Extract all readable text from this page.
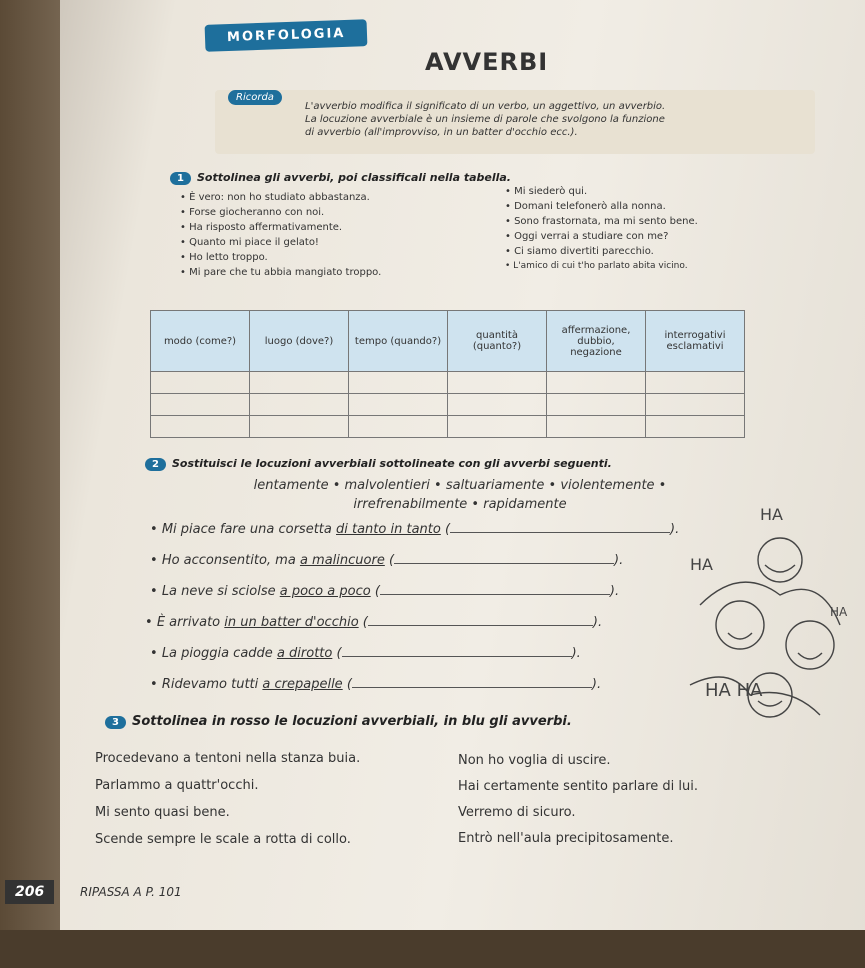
MORFOLOGIA
AVVERBI
Ricorda
L'avverbio modifica il significato di un verbo, un aggettivo, un avverbio.
La locuzione avverbiale è un insieme di parole che svolgono la funzione
di avverbio (all'improvviso, in un batter d'occhio ecc.).
1 Sottolinea gli avverbi, poi classificali nella tabella.
• È vero: non ho studiato abbastanza.
• Forse giocheranno con noi.
• Ha risposto affermativamente.
• Quanto mi piace il gelato!
• Ho letto troppo.
• Mi pare che tu abbia mangiato troppo.
• Mi siederò qui.
• Domani telefonerò alla nonna.
• Sono frastornata, ma mi sento bene.
• Oggi verrai a studiare con me?
• Ci siamo divertiti parecchio.
• L'amico di cui t'ho parlato abita vicino.
modo (come?)	luogo (dove?)	tempo (quando?)	quantità (quanto?)	affermazione, dubbio, negazione	interrogativi esclamativi

2 Sostituisci le locuzioni avverbiali sottolineate con gli avverbi seguenti.
lentamente • malvolentieri • saltuariamente • violentemente •
irrefrenabilmente • rapidamente
• Mi piace fare una corsetta di tanto in tanto (	).
• Ho acconsentito, ma a malincuore (	).
• La neve si sciolse a poco a poco (	).
• È arrivato in un batter d'occhio (	).
• La pioggia cadde a dirotto (	).
• Ridevamo tutti a crepapelle (	).
HA
HA
HA
HA HA
3 Sottolinea in rosso le locuzioni avverbiali, in blu gli avverbi.
Procedevano a tentoni nella stanza buia.
Parlammo a quattr'occhi.
Mi sento quasi bene.
Scende sempre le scale a rotta di collo.
Non ho voglia di uscire.
Hai certamente sentito parlare di lui.
Verremo di sicuro.
Entrò nell'aula precipitosamente.
206	RIPASSA A P. 101
